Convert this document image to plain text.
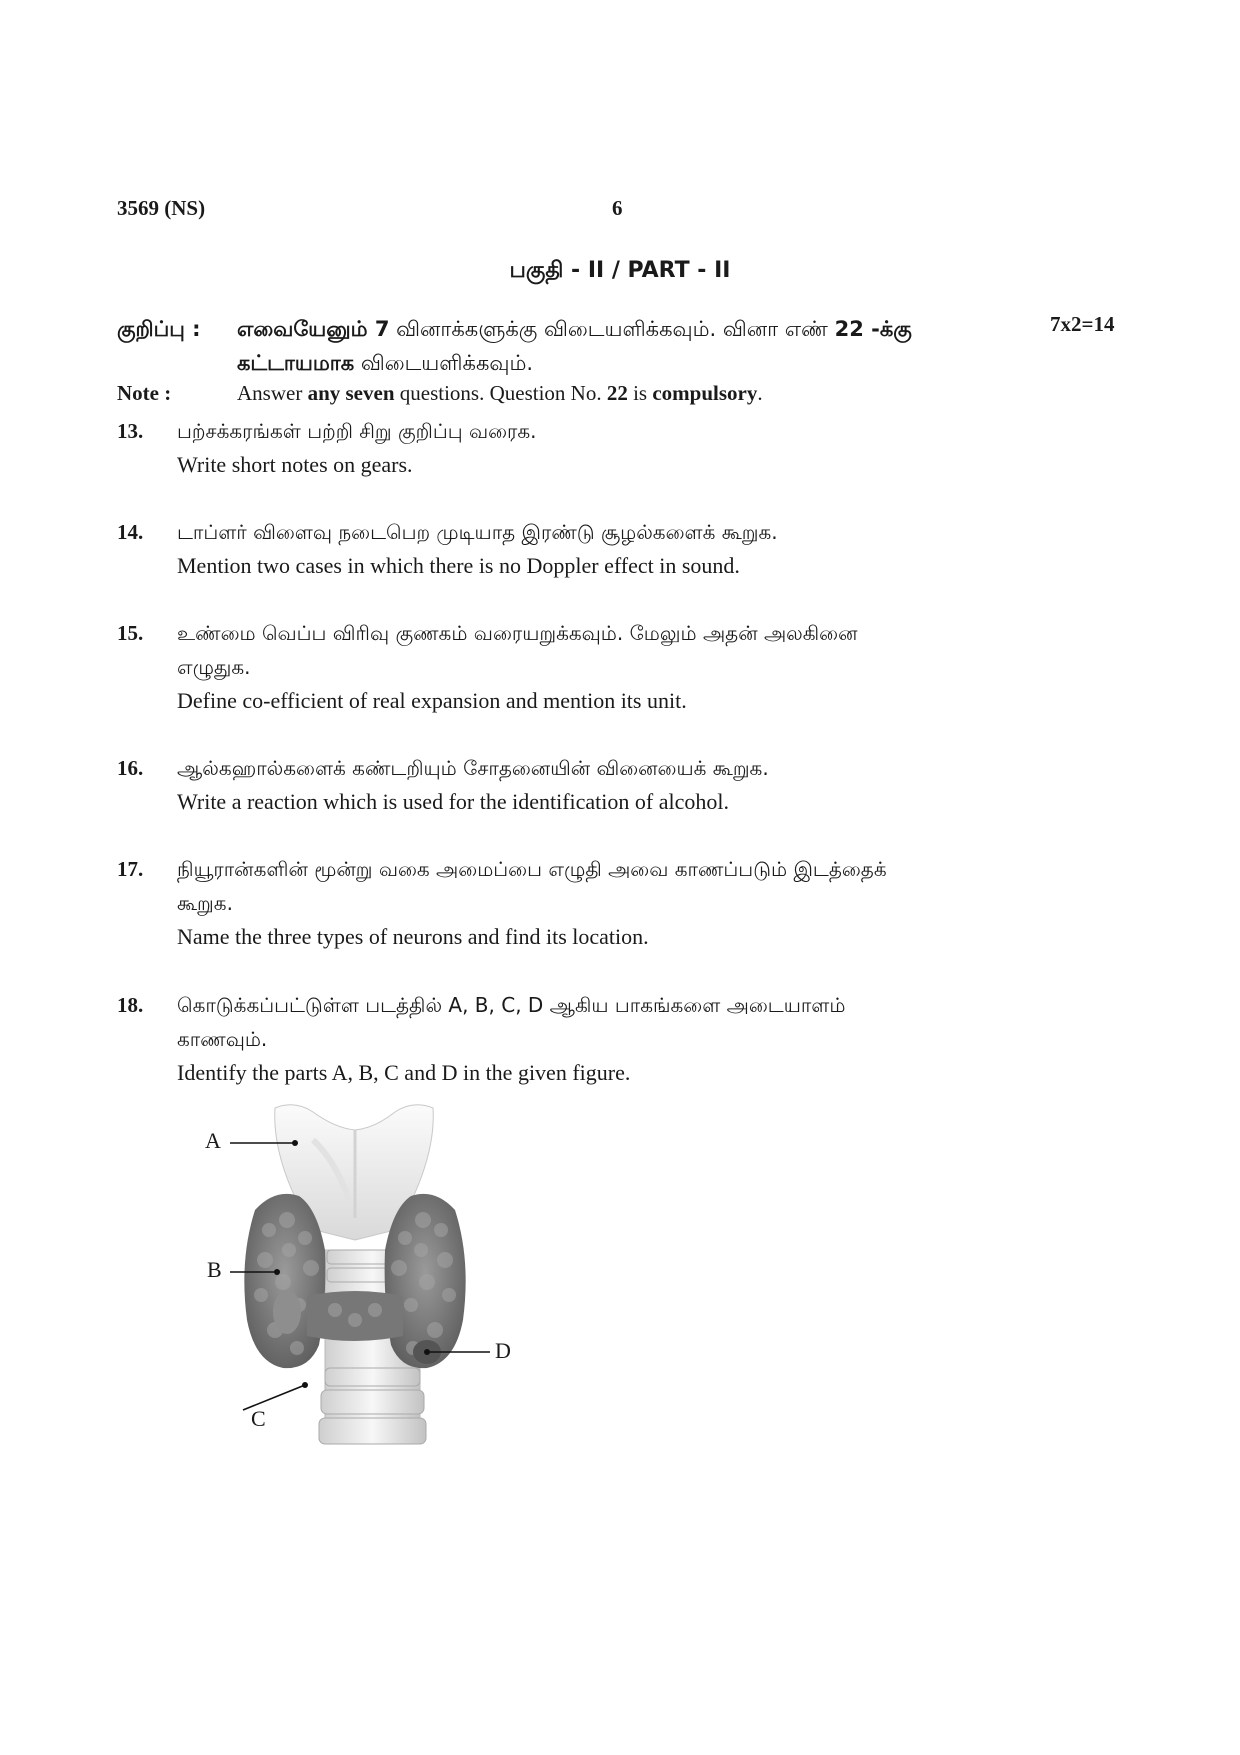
3569 (NS)	6
பகுதி - II / PART - II
குறிப்பு :	எவையேனும் 7 வினாக்களுக்கு விடையளிக்கவும். வினா எண் 22 -க்கு
கட்டாயமாக விடையளிக்கவும்.
7x2=14
Note :	Answer any seven questions. Question No. 22 is compulsory.
13. பற்சக்கரங்கள் பற்றி சிறு குறிப்பு வரைக.
Write short notes on gears.
14. டாப்ளர் விளைவு நடைபெற முடியாத இரண்டு சூழல்களைக் கூறுக.
Mention two cases in which there is no Doppler effect in sound.
15. உண்மை வெப்ப விரிவு குணகம் வரையறுக்கவும். மேலும் அதன் அலகினை
எழுதுக.
Define co-efficient of real expansion and mention its unit.
16. ஆல்கஹால்களைக் கண்டறியும் சோதனையின் வினையைக் கூறுக.
Write a reaction which is used for the identification of alcohol.
17. நியூரான்களின் மூன்று வகை அமைப்பை எழுதி அவை காணப்படும் இடத்தைக்
கூறுக.
Name the three types of neurons and find its location.
18. கொடுக்கப்பட்டுள்ள படத்தில் A, B, C, D ஆகிய பாகங்களை அடையாளம்
காணவும்.
Identify the parts A, B, C and D in the given figure.
A
B
C
D
